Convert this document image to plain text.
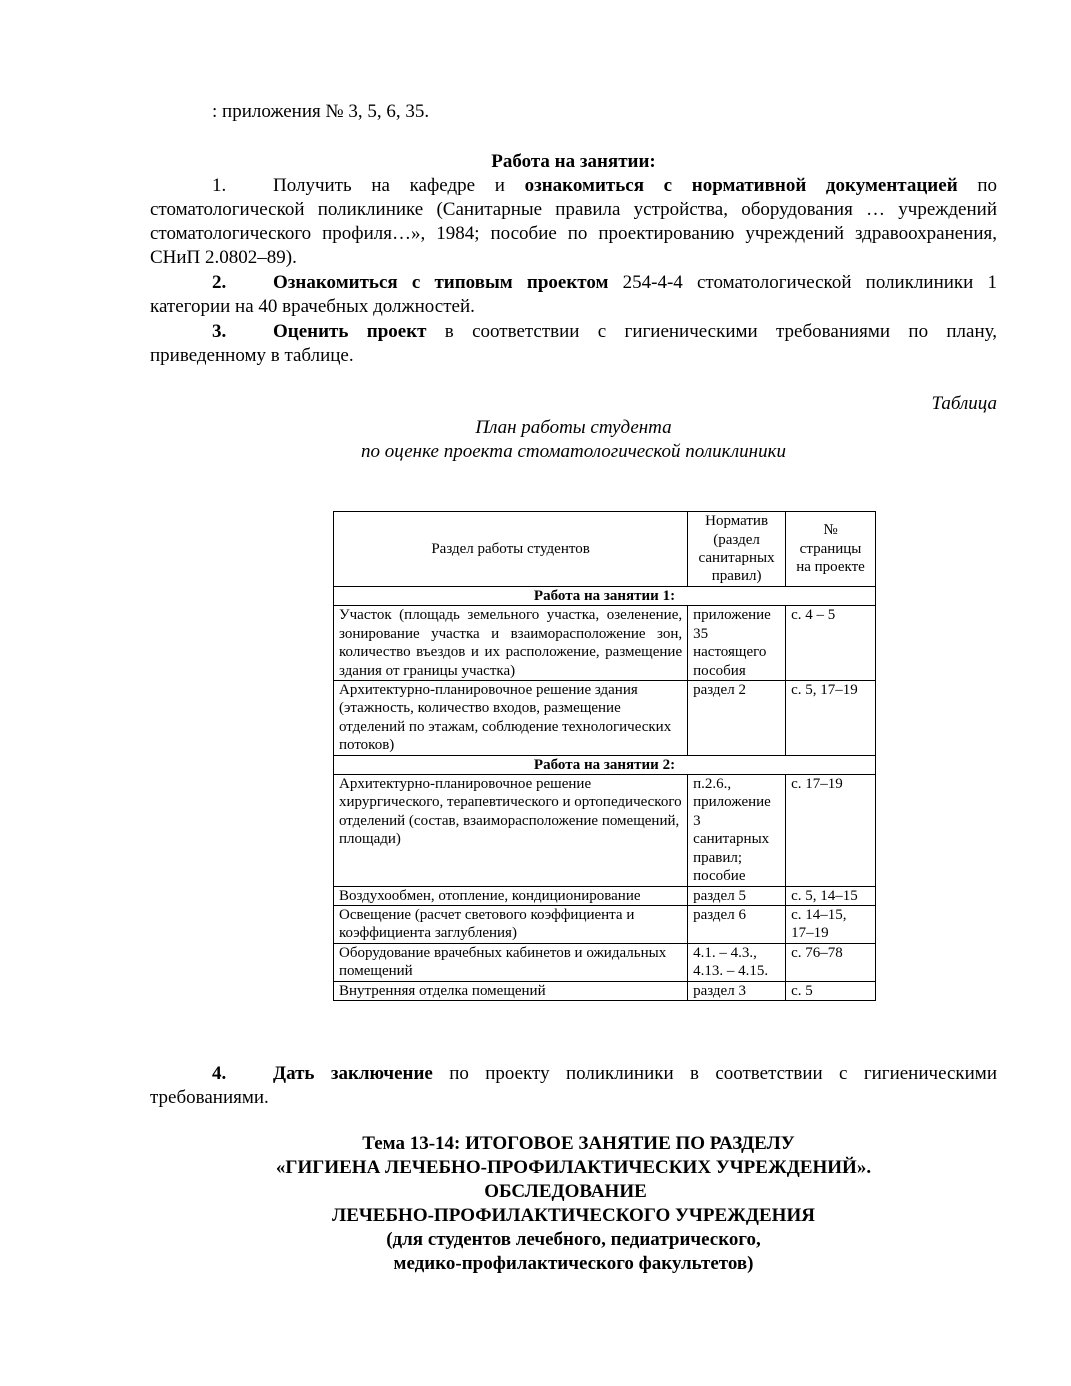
: приложения № 3, 5, 6, 35.

Работа на занятии:

1. Получить на кафедре и ознакомиться с нормативной документацией по стоматологической поликлинике (Санитарные правила устройства, оборудования … учреждений стоматологического профиля…», 1984; пособие по проектированию учреждений здравоохранения, СНиП 2.0802–89).

2. Ознакомиться с типовым проектом 254-4-4 стоматологической поликлиники 1 категории на 40 врачебных должностей.

3. Оценить проект в соответствии с гигиеническими требованиями по плану, приведенному в таблице.

Таблица

План работы студента

по оценке проекта стоматологической поликлиники

Раздел работы студентов	Норматив (раздел санитарных правил)	№ страницы на проекте
Работа на занятии 1:		
Участок (площадь земельного участка, озеленение, зонирование участка и взаиморасположение зон, количество въездов и их расположение, размещение здания от границы участка)	приложение 35 настоящего пособия	с. 4 – 5
Архитектурно-планировочное решение здания (этажность, количество входов, размещение отделений по этажам, соблюдение технологических потоков)	раздел 2	с. 5, 17–19
Работа на занятии 2:		
Архитектурно-планировочное решение хирургического, терапевтического и ортопедического отделений (состав, взаиморасположение помещений, площади)	п.2.6., приложение 3 санитарных правил; пособие	с. 17–19
Воздухообмен, отопление, кондиционирование	раздел 5	с. 5, 14–15
Освещение (расчет светового коэффициента и коэффициента заглубления)	раздел 6	с. 14–15, 17–19
Оборудование врачебных кабинетов и ожидальных помещений	4.1. – 4.3., 4.13. – 4.15.	с. 76–78
Внутренняя отделка помещений	раздел 3	с. 5

4. Дать заключение по проекту поликлиники в соответствии с гигиеническими требованиями.

Тема 13-14: ИТОГОВОЕ ЗАНЯТИЕ ПО РАЗДЕЛУ
«ГИГИЕНА ЛЕЧЕБНО-ПРОФИЛАКТИЧЕСКИХ УЧРЕЖДЕНИЙ».
ОБСЛЕДОВАНИЕ
ЛЕЧЕБНО-ПРОФИЛАКТИЧЕСКОГО УЧРЕЖДЕНИЯ
(для студентов лечебного, педиатрического,
медико-профилактического факультетов)
